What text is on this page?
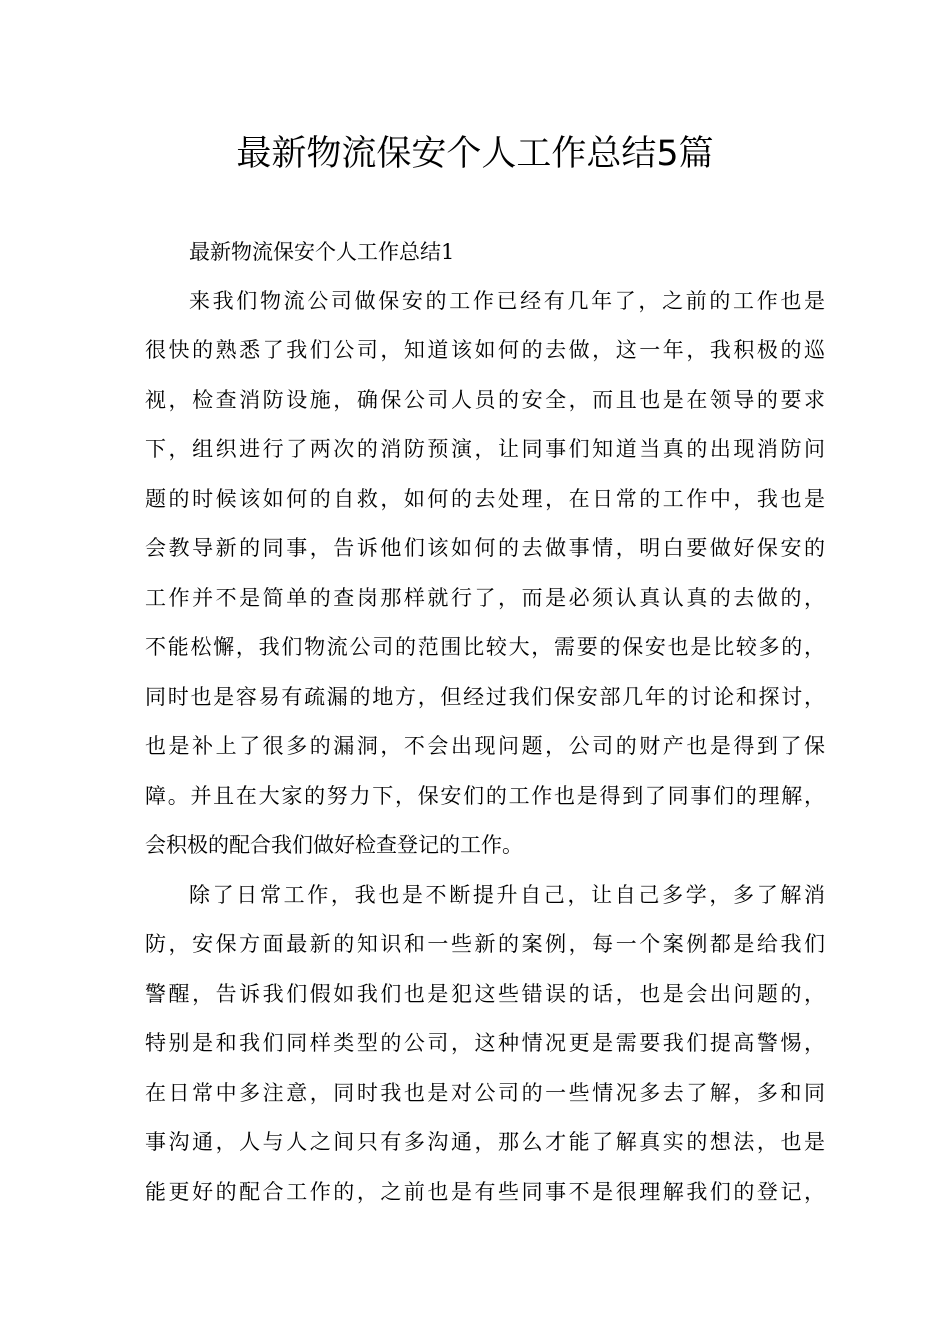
最新物流保安个人工作总结5篇
最新物流保安个人工作总结1
来我们物流公司做保安的工作已经有几年了，之前的工作也是
很快的熟悉了我们公司，知道该如何的去做，这一年，我积极的巡
视，检查消防设施，确保公司人员的安全，而且也是在领导的要求
下，组织进行了两次的消防预演，让同事们知道当真的出现消防问
题的时候该如何的自救，如何的去处理，在日常的工作中，我也是
会教导新的同事，告诉他们该如何的去做事情，明白要做好保安的
工作并不是简单的查岗那样就行了，而是必须认真认真的去做的，
不能松懈，我们物流公司的范围比较大，需要的保安也是比较多的，
同时也是容易有疏漏的地方，但经过我们保安部几年的讨论和探讨，
也是补上了很多的漏洞，不会出现问题，公司的财产也是得到了保
障。并且在大家的努力下，保安们的工作也是得到了同事们的理解，
会积极的配合我们做好检查登记的工作。
除了日常工作，我也是不断提升自己，让自己多学，多了解消
防，安保方面最新的知识和一些新的案例，每一个案例都是给我们
警醒，告诉我们假如我们也是犯这些错误的话，也是会出问题的，
特别是和我们同样类型的公司，这种情况更是需要我们提高警惕，
在日常中多注意，同时我也是对公司的一些情况多去了解，多和同
事沟通，人与人之间只有多沟通，那么才能了解真实的想法，也是
能更好的配合工作的，之前也是有些同事不是很理解我们的登记，
